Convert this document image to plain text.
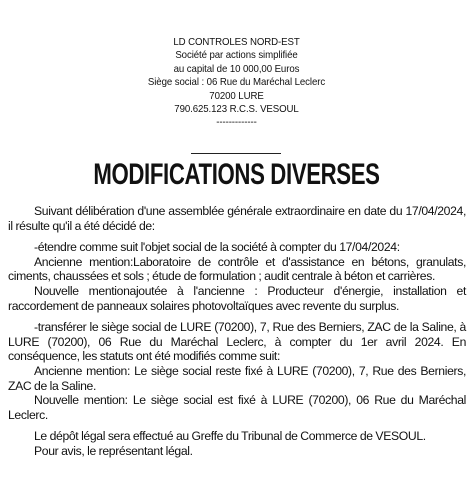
LD CONTROLES NORD-EST
Société par actions simplifiée
au capital de 10 000,00 Euros
Siège social : 06 Rue du Maréchal Leclerc
70200 LURE
790.625.123 R.C.S. VESOUL
-------------
MODIFICATIONS DIVERSES

Suivant délibération d'une assemblée générale extraordinaire en date du 17/04/2024, il résulte qu'il a été décidé de:

-étendre comme suit l'objet social de la société à compter du 17/04/2024:

Ancienne mention:Laboratoire de contrôle et d'assistance en bétons, granulats, ciments, chaussées et sols ; étude de formulation ; audit centrale à béton et carrières.

Nouvelle mentionajoutée à l'ancienne : Producteur d'énergie, installation et raccordement de panneaux solaires photovoltaïques avec revente du surplus.

-transférer le siège social de LURE (70200), 7, Rue des Berniers, ZAC de la Saline, à LURE (70200), 06 Rue du Maréchal Leclerc, à compter du 1er avril 2024. En conséquence, les statuts ont été modifiés comme suit:

Ancienne mention: Le siège social reste fixé à LURE (70200), 7, Rue des Berniers, ZAC de la Saline.

Nouvelle mention: Le siège social est fixé à LURE (70200), 06 Rue du Maréchal Leclerc.

Le dépôt légal sera effectué au Greffe du Tribunal de Commerce de VESOUL.

Pour avis, le représentant légal.
